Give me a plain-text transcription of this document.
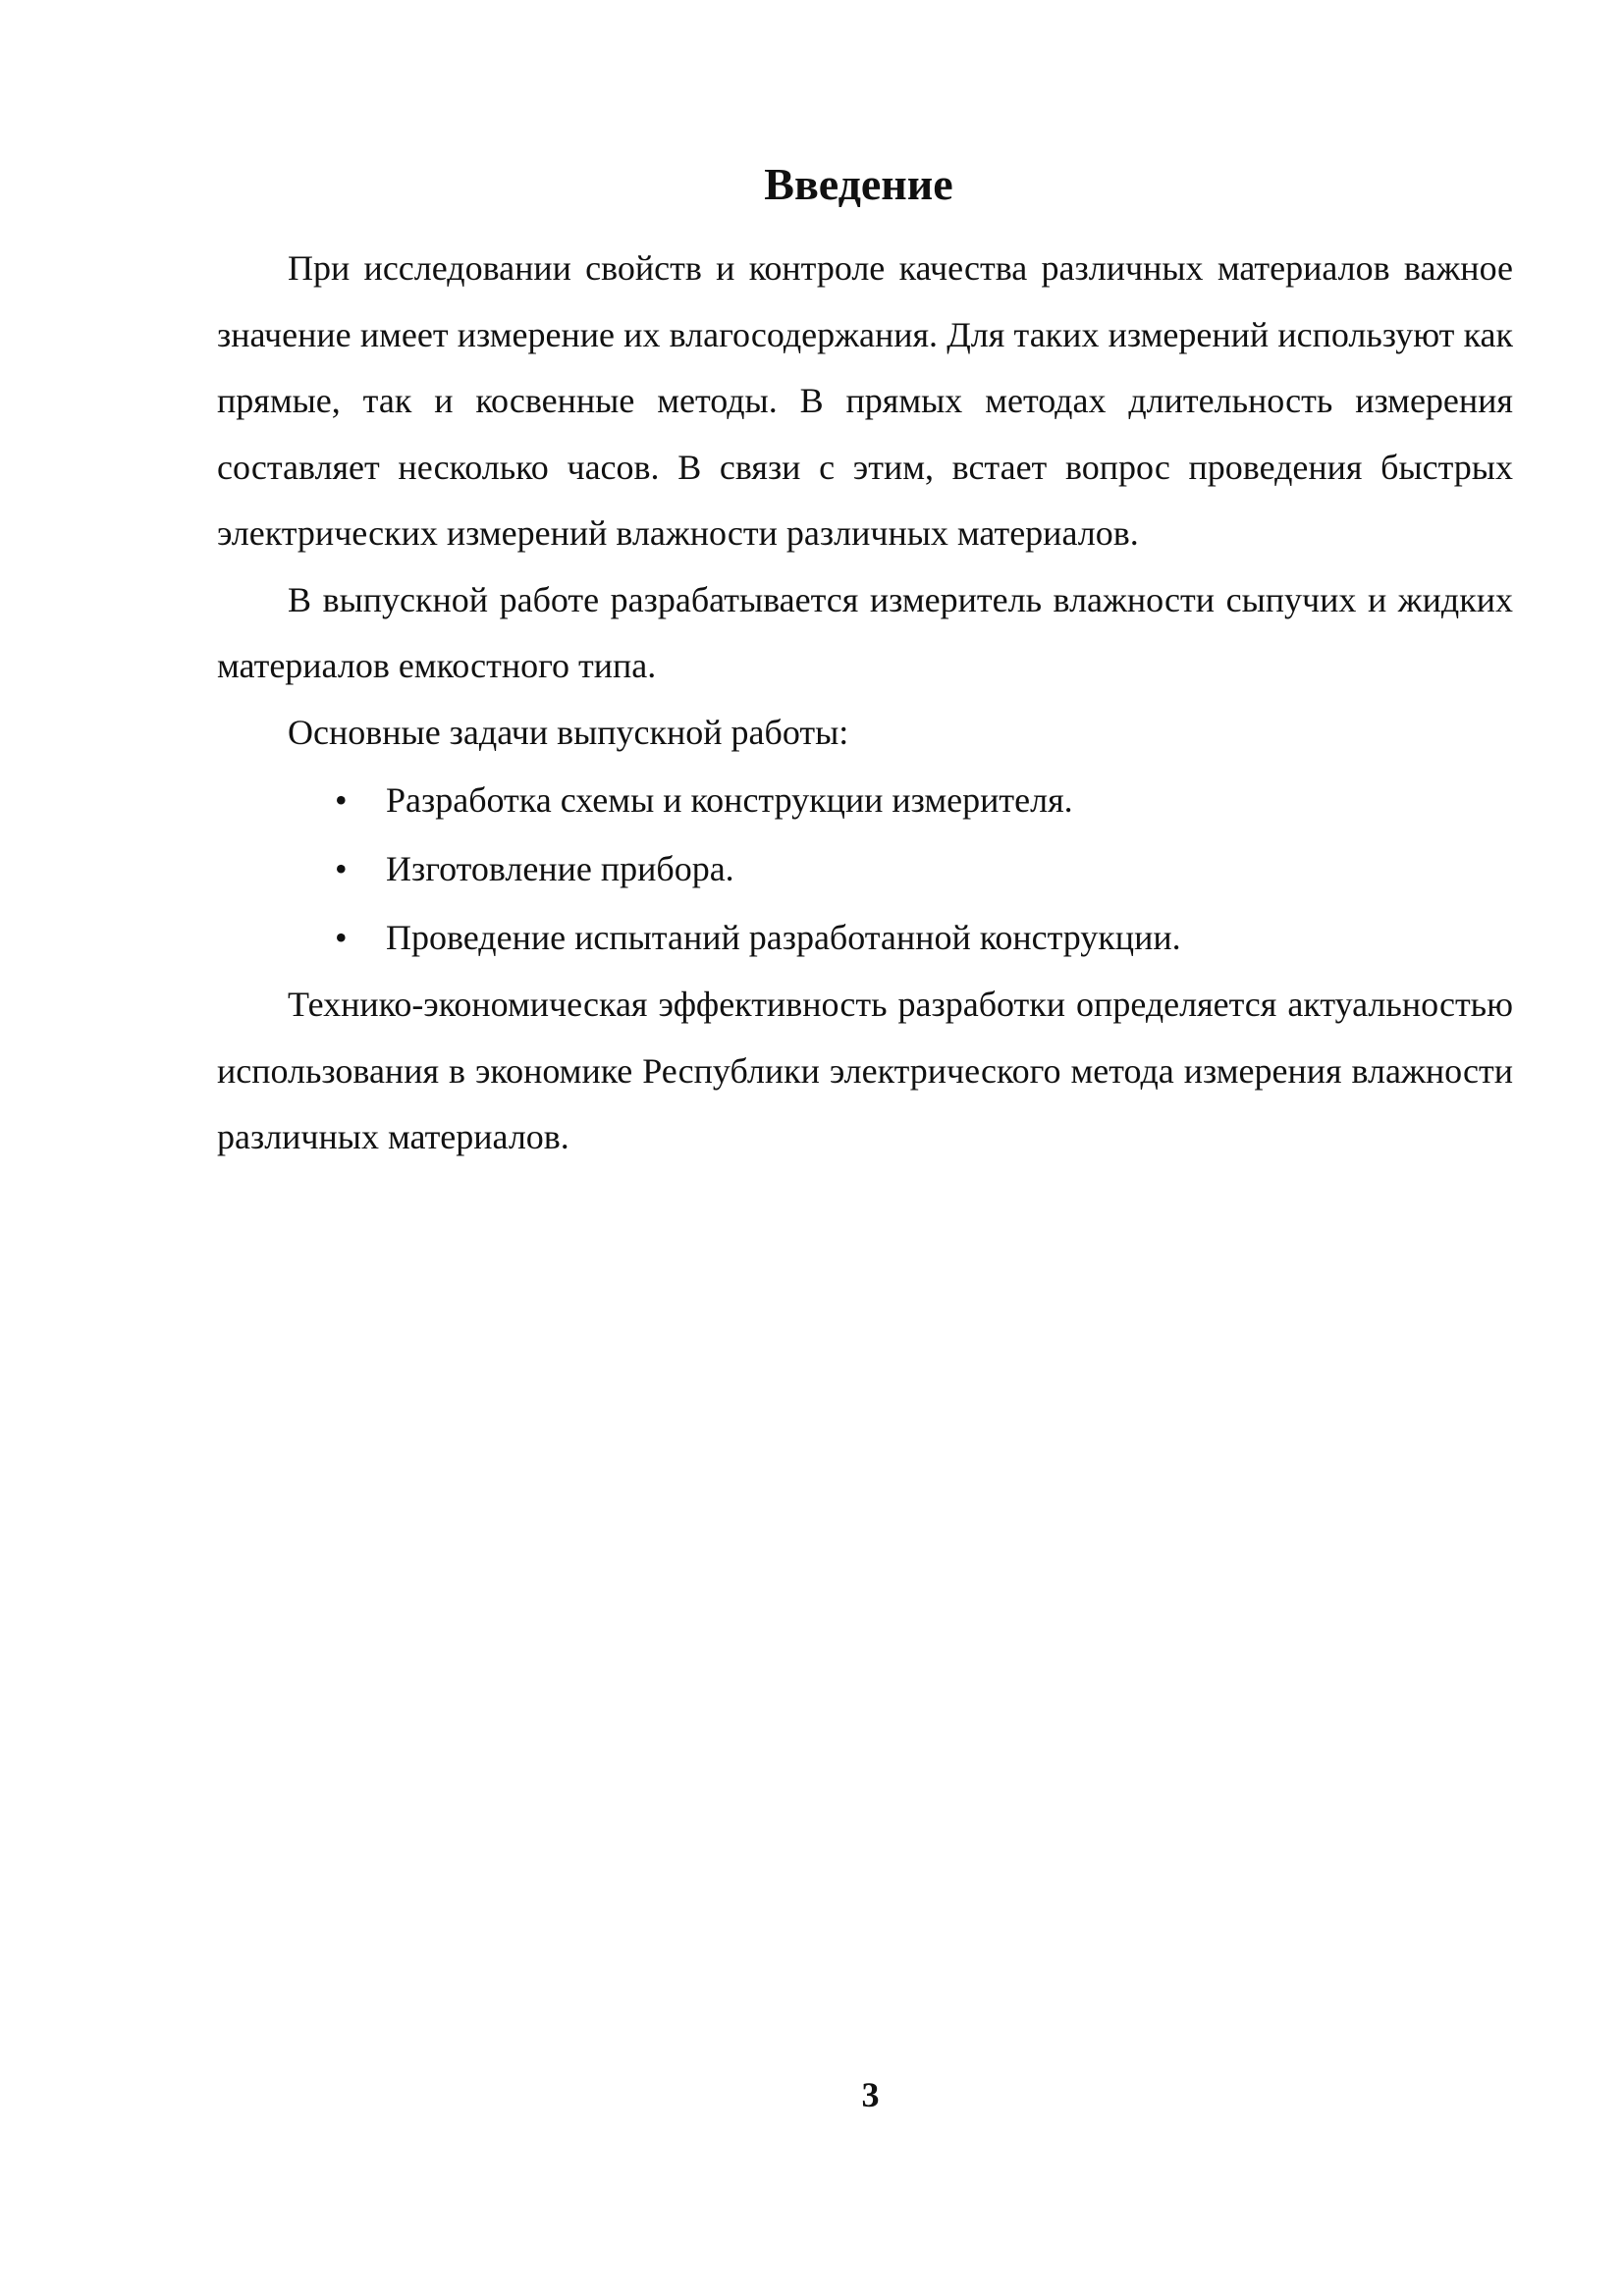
Введение

При исследовании свойств и контроле качества различных материалов важное значение имеет измерение их влагосодержания. Для таких измерений используют как прямые, так и косвенные методы. В прямых методах длительность измерения составляет несколько часов. В связи с этим, встает вопрос проведения быстрых электрических измерений влажности различных материалов.

В выпускной работе разрабатывается измеритель влажности сыпучих и жидких материалов емкостного типа.

Основные задачи выпускной работы:

• Разработка схемы и конструкции измерителя.
• Изготовление прибора.
• Проведение испытаний разработанной конструкции.

Технико-экономическая эффективность разработки определяется актуальностью использования в экономике Республики электрического метода измерения влажности различных материалов.

3
